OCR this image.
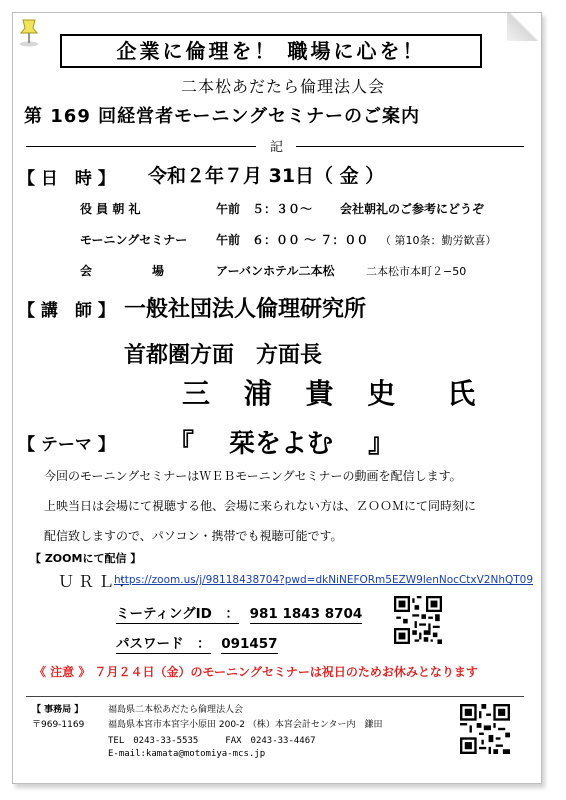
企業に倫理を！ 職場に心を！
二本松あだたら倫理法人会
第 169 回経営者モーニングセミナーのご案内
記
【 日　時 】 令和２年７月 31日（ 金 ）
役 員 朝 礼	午前　５：３０～ 会社朝礼のご参考にどうぞ
モーニングセミナー 午前　６：００ ～ ７：００ （ 第10条：勤労歓喜）
会　　　　　場	アーバンホテル二本松	二本松市本町２−50
【 講　師 】 一般社団法人倫理研究所
首都圏方面　方面長
三 浦 貴 史　氏
【 テーマ 】 『　 栞をよむ　 』
今回のモーニングセミナーはＷＥＢモーニングセミナーの動画を配信します。
上映当日は会場にて視聴する他、会場に来られない方は、ＺＯＯＭにて同時刻に
配信致しますので、パソコン・携帯でも視聴可能です。
【 ZOOMにて配信 】
ＵＲＬ：
https://zoom.us/j/98118438704?pwd=dkNiNEFORm5EZW9lenNocCtxV2NhQT09
ミーティングID　： 981 1843 8704
パスワード　： 091457
《 注意 》 ７月２４日（金）のモーニングセミナーは祝日のためお休みとなります
【 事務局 】	福島県二本松あだたら倫理法人会
〒969-1169	福島県本宮市本宮字小原田 200-2 （株）本宮会計センター内　鎌田
TEL　0243-33-5535　　　FAX　0243-33-4467
E-mail:kamata@motomiya-mcs.jp
